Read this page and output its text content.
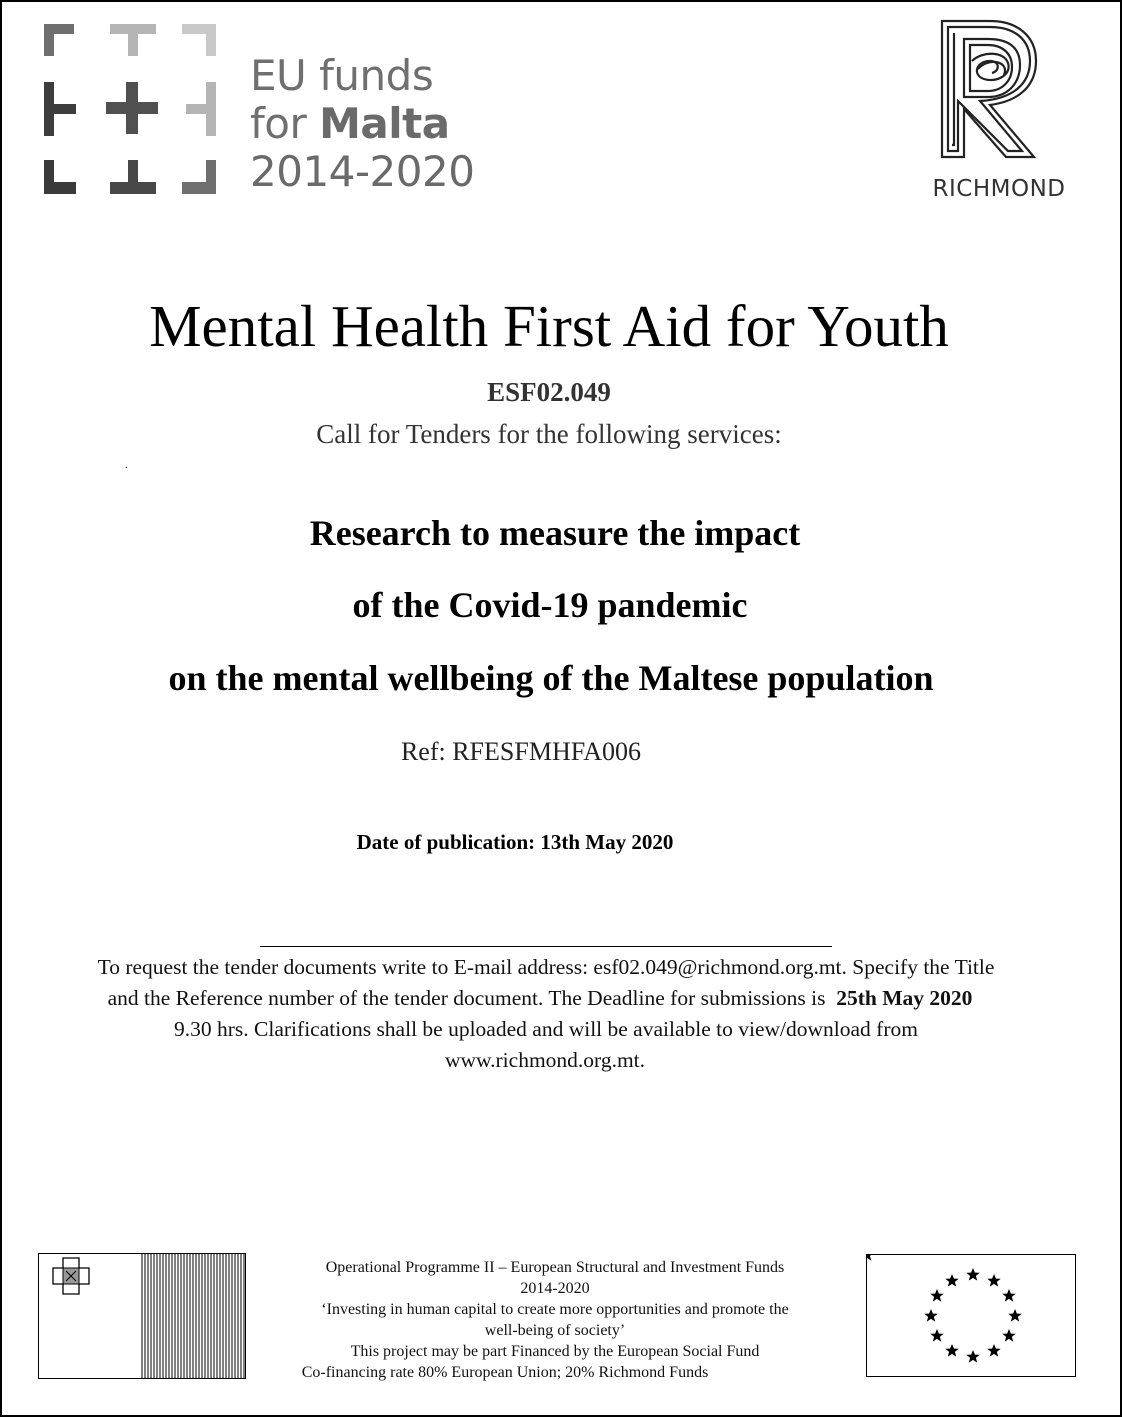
EU funds
for Malta
2014-2020	RICHMOND
Mental Health First Aid for Youth
ESF02.049
Call for Tenders for the following services:
.
Research to measure the impact
of the Covid-19 pandemic
on the mental wellbeing of the Maltese population
Ref: RFESFMHFA006
Date of publication: 13th May 2020
To request the tender documents write to E-mail address: esf02.049@richmond.org.mt. Specify the Title
and the Reference number of the tender document. The Deadline for submissions is  25th May 2020
9.30 hrs. Clarifications shall be uploaded and will be available to view/download from
www.richmond.org.mt.
Operational Programme II – European Structural and Investment Funds
2014-2020
‘Investing in human capital to create more opportunities and promote the
well-being of society’
This project may be part Financed by the European Social Fund
Co-financing rate 80% European Union; 20% Richmond Funds
